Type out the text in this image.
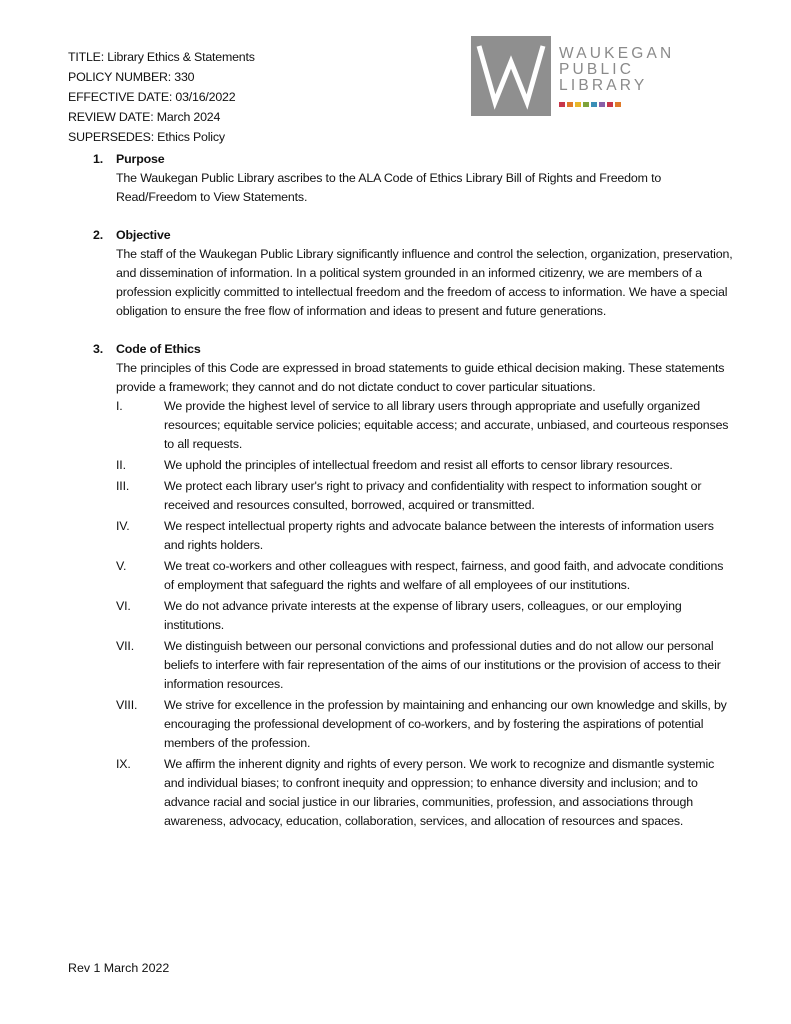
TITLE: Library Ethics & Statements
POLICY NUMBER: 330
EFFECTIVE DATE: 03/16/2022
REVIEW DATE: March 2024
SUPERSEDES: Ethics Policy
WAUKEGAN
PUBLIC
LIBRARY
1.	Purpose
The Waukegan Public Library ascribes to the ALA Code of Ethics Library Bill of Rights and Freedom to Read/Freedom to View Statements.
2.	Objective
The staff of the Waukegan Public Library significantly influence and control the selection, organization, preservation, and dissemination of information. In a political system grounded in an informed citizenry, we are members of a profession explicitly committed to intellectual freedom and the freedom of access to information. We have a special obligation to ensure the free flow of information and ideas to present and future generations.
3.	Code of Ethics
The principles of this Code are expressed in broad statements to guide ethical decision making. These statements provide a framework; they cannot and do not dictate conduct to cover particular situations.
I.	We provide the highest level of service to all library users through appropriate and usefully organized resources; equitable service policies; equitable access; and accurate, unbiased, and courteous responses to all requests.
II.	We uphold the principles of intellectual freedom and resist all efforts to censor library resources.
III.	We protect each library user's right to privacy and confidentiality with respect to information sought or received and resources consulted, borrowed, acquired or transmitted.
IV.	We respect intellectual property rights and advocate balance between the interests of information users and rights holders.
V.	We treat co-workers and other colleagues with respect, fairness, and good faith, and advocate conditions of employment that safeguard the rights and welfare of all employees of our institutions.
VI.	We do not advance private interests at the expense of library users, colleagues, or our employing institutions.
VII.	We distinguish between our personal convictions and professional duties and do not allow our personal beliefs to interfere with fair representation of the aims of our institutions or the provision of access to their information resources.
VIII.	We strive for excellence in the profession by maintaining and enhancing our own knowledge and skills, by encouraging the professional development of co-workers, and by fostering the aspirations of potential members of the profession.
IX.	We affirm the inherent dignity and rights of every person. We work to recognize and dismantle systemic and individual biases; to confront inequity and oppression; to enhance diversity and inclusion; and to advance racial and social justice in our libraries, communities, profession, and associations through awareness, advocacy, education, collaboration, services, and allocation of resources and spaces.
Rev 1 March 2022
